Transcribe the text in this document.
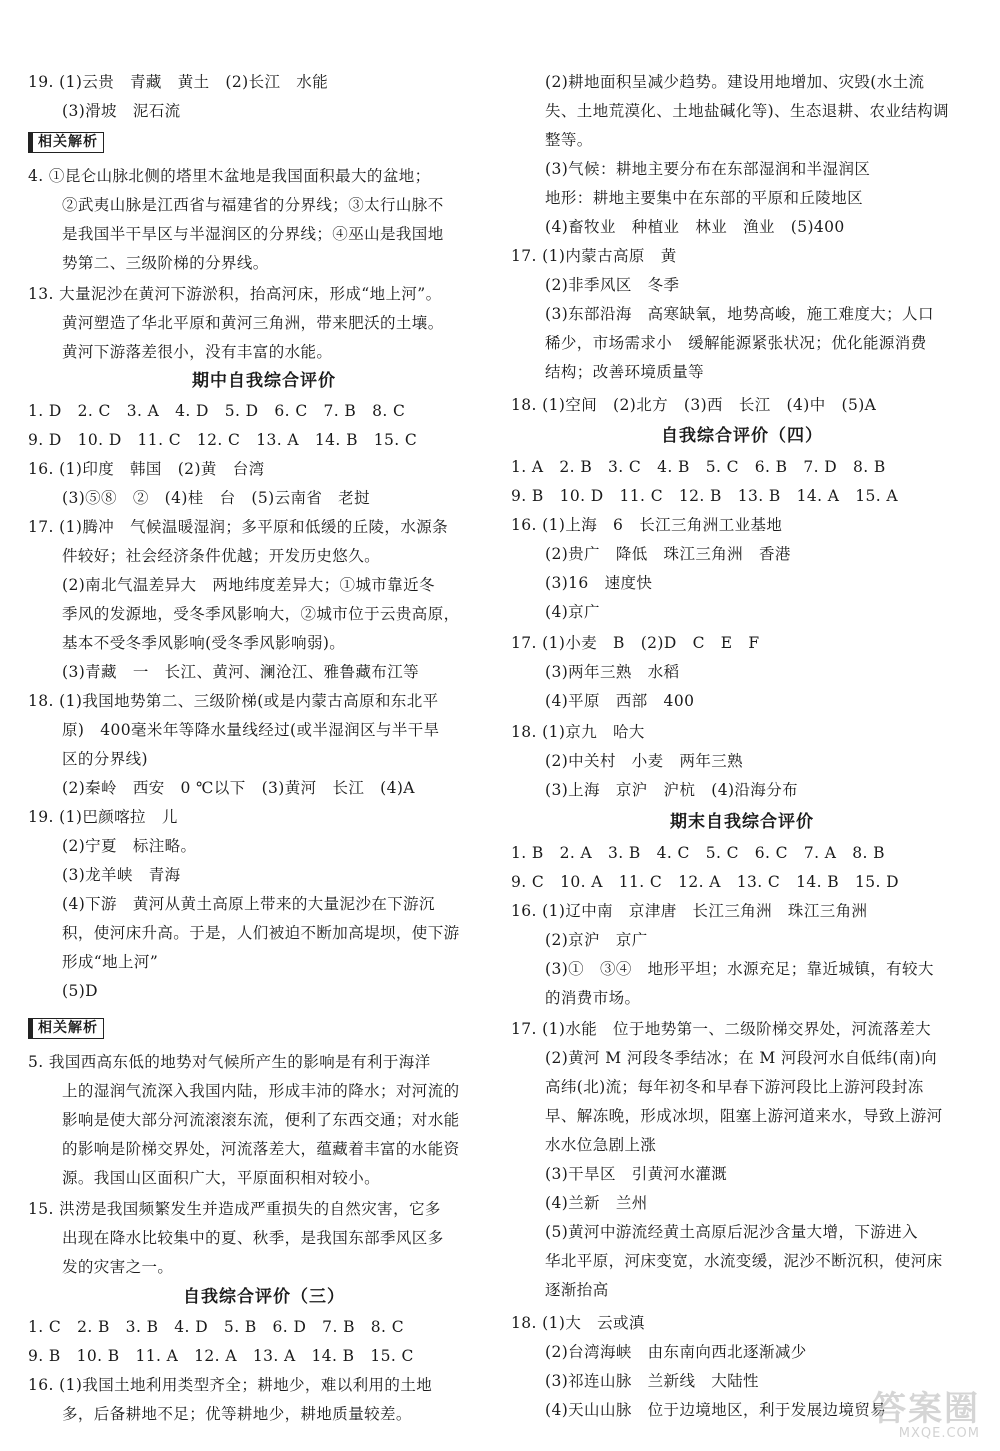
19. (1)云贵　青藏　黄土　(2)长江　水能
(3)滑坡　泥石流
相关解析
4. ①昆仑山脉北侧的塔里木盆地是我国面积最大的盆地；
②武夷山脉是江西省与福建省的分界线；③太行山脉不
是我国半干旱区与半湿润区的分界线；④巫山是我国地
势第二、三级阶梯的分界线。
13. 大量泥沙在黄河下游淤积，抬高河床，形成“地上河”。
黄河塑造了华北平原和黄河三角洲，带来肥沃的土壤。
黄河下游落差很小，没有丰富的水能。
期中自我综合评价
1. D　2. C　3. A　4. D　5. D　6. C　7. B　8. C
9. D　10. D　11. C　12. C　13. A　14. B　15. C
16. (1)印度　韩国　(2)黄　台湾
(3)⑤⑧　②　(4)桂　台　(5)云南省　老挝
17. (1)腾冲　气候温暖湿润；多平原和低缓的丘陵，水源条
件较好；社会经济条件优越；开发历史悠久。
(2)南北气温差异大　两地纬度差异大；①城市靠近冬
季风的发源地，受冬季风影响大，②城市位于云贵高原，
基本不受冬季风影响(受冬季风影响弱)。
(3)青藏　一　长江、黄河、澜沧江、雅鲁藏布江等
18. (1)我国地势第二、三级阶梯(或是内蒙古高原和东北平
原)　400毫米年等降水量线经过(或半湿润区与半干旱
区的分界线)
(2)秦岭　西安　0 ℃以下　(3)黄河　长江　(4)A
19. (1)巴颜喀拉　儿
(2)宁夏　标注略。
(3)龙羊峡　青海
(4)下游　黄河从黄土高原上带来的大量泥沙在下游沉
积，使河床升高。于是，人们被迫不断加高堤坝，使下游
形成“地上河”
(5)D
相关解析
5. 我国西高东低的地势对气候所产生的影响是有利于海洋
上的湿润气流深入我国内陆，形成丰沛的降水；对河流的
影响是使大部分河流滚滚东流，便利了东西交通；对水能
的影响是阶梯交界处，河流落差大，蕴藏着丰富的水能资
源。我国山区面积广大，平原面积相对较小。
15. 洪涝是我国频繁发生并造成严重损失的自然灾害，它多
出现在降水比较集中的夏、秋季，是我国东部季风区多
发的灾害之一。
自我综合评价（三）
1. C　2. B　3. B　4. D　5. B　6. D　7. B　8. C
9. B　10. B　11. A　12. A　13. A　14. B　15. C
16. (1)我国土地利用类型齐全；耕地少，难以利用的土地
多，后备耕地不足；优等耕地少，耕地质量较差。
(2)耕地面积呈减少趋势。建设用地增加、灾毁(水土流
失、土地荒漠化、土地盐碱化等)、生态退耕、农业结构调
整等。
(3)气候：耕地主要分布在东部湿润和半湿润区
地形：耕地主要集中在东部的平原和丘陵地区
(4)畜牧业　种植业　林业　渔业　(5)400
17. (1)内蒙古高原　黄
(2)非季风区　冬季
(3)东部沿海　高寒缺氧，地势高峻，施工难度大；人口
稀少，市场需求小　缓解能源紧张状况；优化能源消费
结构；改善环境质量等
18. (1)空间　(2)北方　(3)西　长江　(4)中　(5)A
自我综合评价（四）
1. A　2. B　3. C　4. B　5. C　6. B　7. D　8. B
9. B　10. D　11. C　12. B　13. B　14. A　15. A
16. (1)上海　6　长江三角洲工业基地
(2)贵广　降低　珠江三角洲　香港
(3)16　速度快
(4)京广
17. (1)小麦　B　(2)D　C　E　F
(3)两年三熟　水稻
(4)平原　西部　400
18. (1)京九　哈大
(2)中关村　小麦　两年三熟
(3)上海　京沪　沪杭　(4)沿海分布
期末自我综合评价
1. B　2. A　3. B　4. C　5. C　6. C　7. A　8. B
9. C　10. A　11. C　12. A　13. C　14. B　15. D
16. (1)辽中南　京津唐　长江三角洲　珠江三角洲
(2)京沪　京广
(3)①　③④　地形平坦；水源充足；靠近城镇，有较大
的消费市场。
17. (1)水能　位于地势第一、二级阶梯交界处，河流落差大
(2)黄河 M 河段冬季结冰；在 M 河段河水自低纬(南)向
高纬(北)流；每年初冬和早春下游河段比上游河段封冻
早、解冻晚，形成冰坝，阻塞上游河道来水，导致上游河
水水位急剧上涨
(3)干旱区　引黄河水灌溉
(4)兰新　兰州
(5)黄河中游流经黄土高原后泥沙含量大增，下游进入
华北平原，河床变宽，水流变缓，泥沙不断沉积，使河床
逐渐抬高
18. (1)大　云或滇
(2)台湾海峡　由东南向西北逐渐减少
(3)祁连山脉　兰新线　大陆性
(4)天山山脉　位于边境地区，利于发展边境贸易
答案圈
MXQE.COM
